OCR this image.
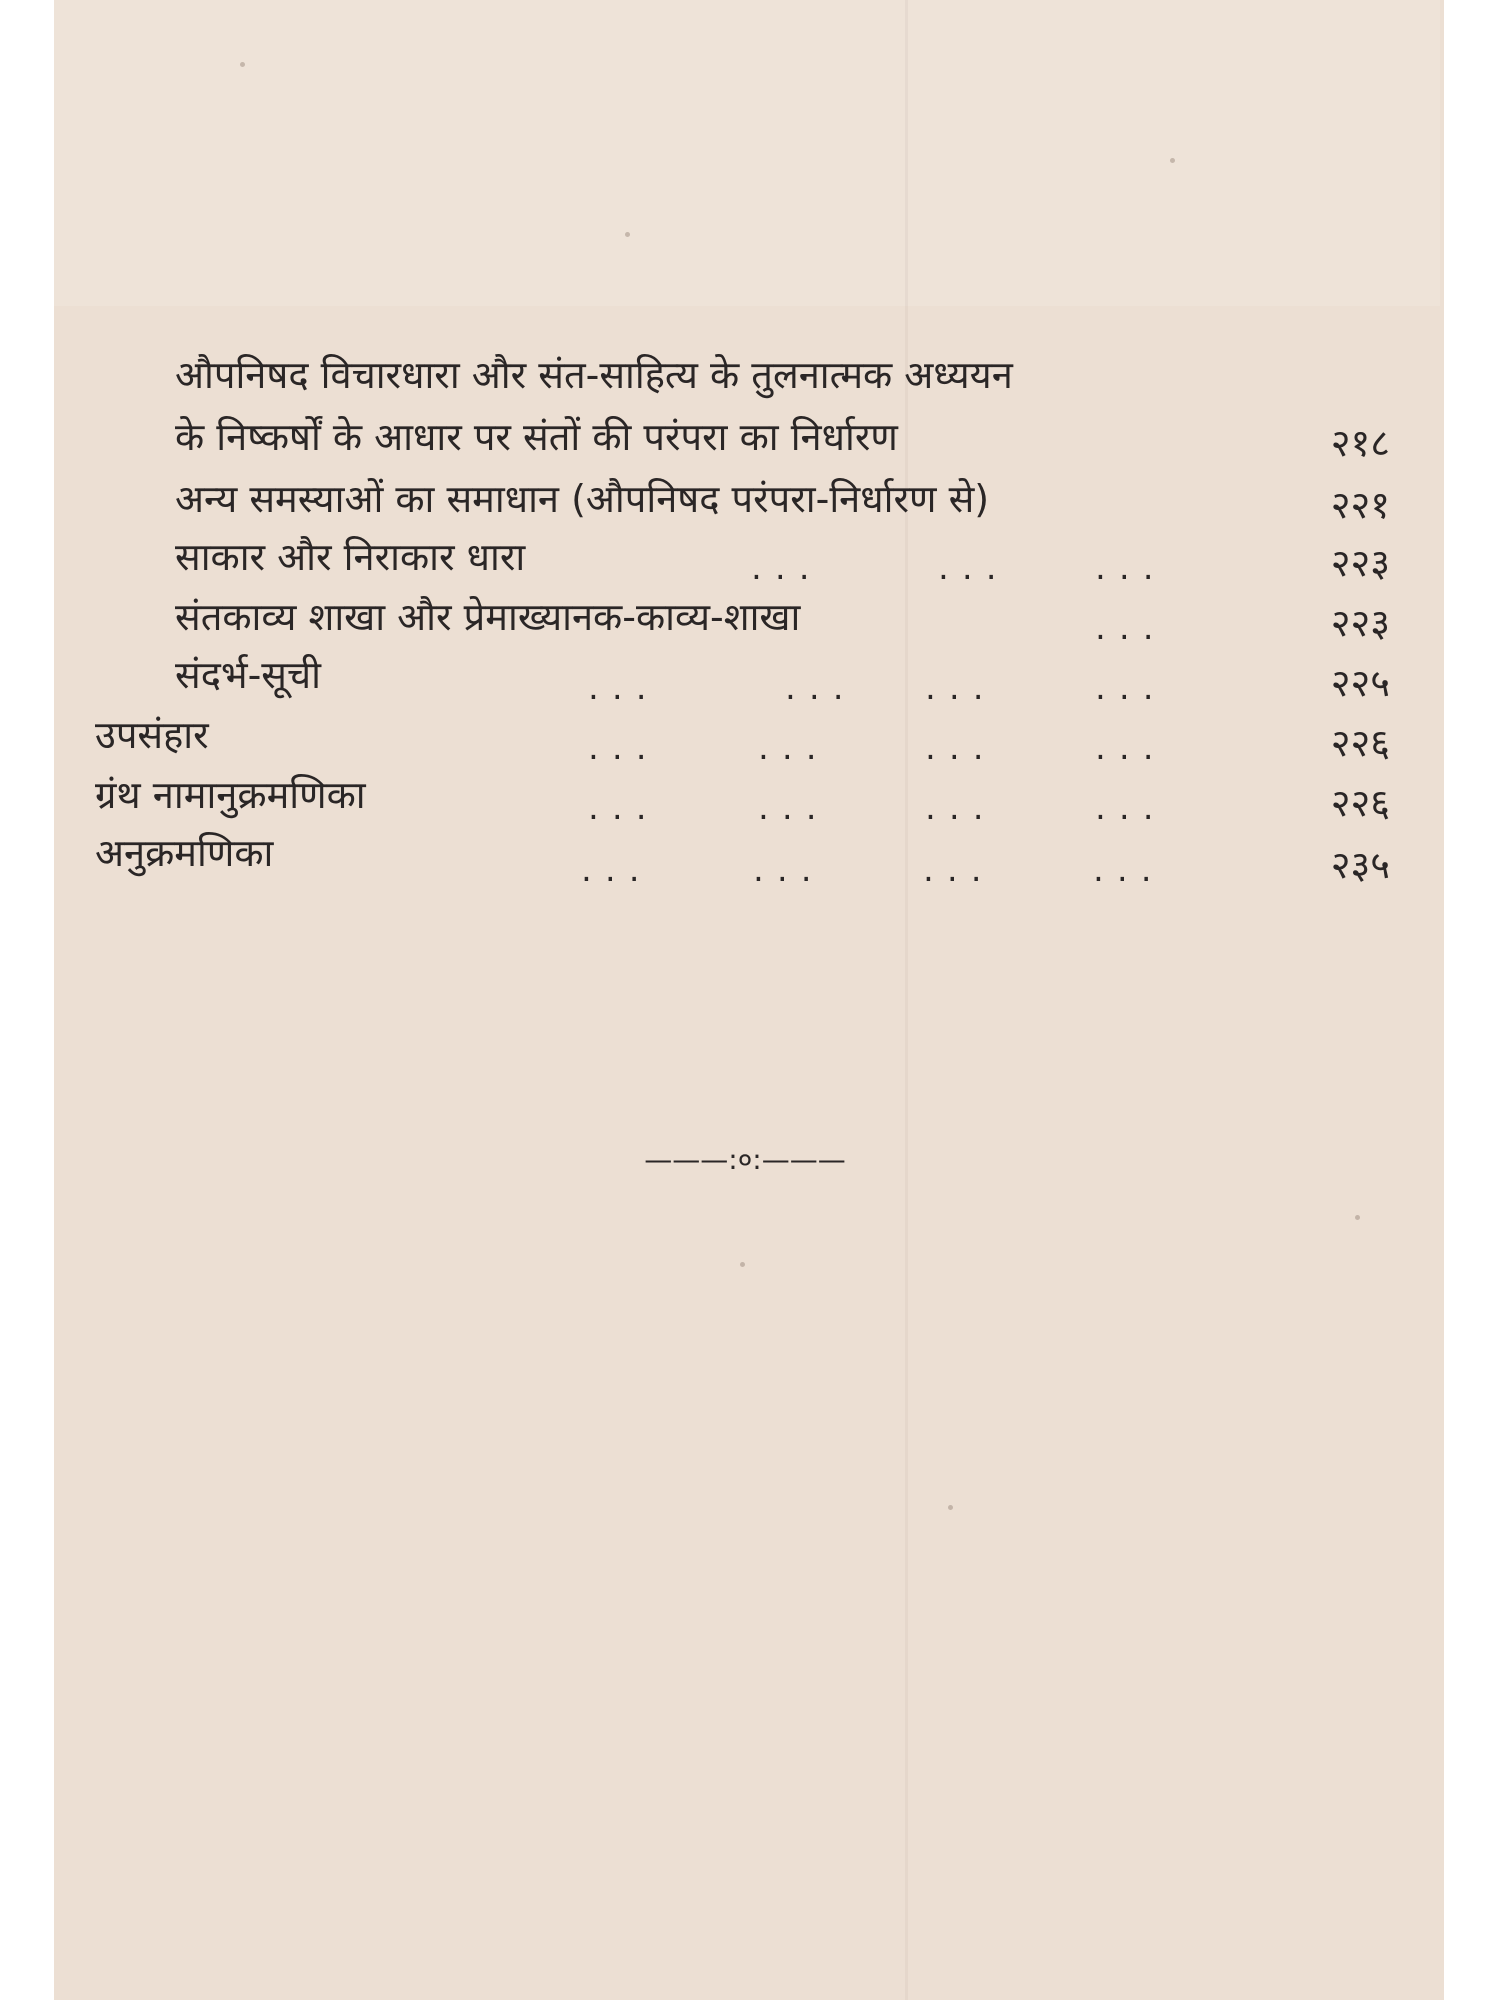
औपनिषद विचारधारा और संत-साहित्य के तुलनात्मक अध्ययन
के निष्कर्षों के आधार पर संतों की परंपरा का निर्धारण	२१८
अन्य समस्याओं का समाधान (औपनिषद परंपरा-निर्धारण से)	२२१
साकार और निराकार धारा	...	...	...	२२३
संतकाव्य शाखा और प्रेमाख्यानक-काव्य-शाखा	...	२२३
संदर्भ-सूची	...	... ...	...	२२५
उपसंहार	...	...	...	...	२२६
ग्रंथ नामानुक्रमणिका	...	...	...	...	२२६
अनुक्रमणिका	...	...	...	...	२३५
———:०:———
